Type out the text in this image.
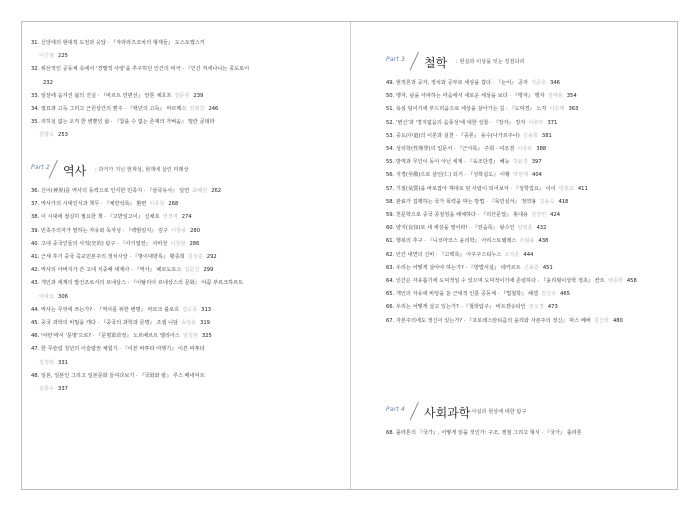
31. 신앙에의 현대적 도전과 응답 · 『자라라즈코차의 형제들』 도스토옙스키
이신철 225
32. 위선적인 공동체 속에서 '경멸적 사랑'을 추구하던 인간의 비극 · 『인간 저세나나는 종도로이
232
33. 일상에 숨겨진 삶의 진실 · 『바르트 만편선』 안톤 체호프 강문원 239
34. 절묘과 고독 그리고 근원상간의 맨주 · 『백년의 고독』 마르께스 김형찬 246
35. 리히실 없는 오직 한 변뿐인 삶 · 『참을 수 없는 존재의 가벼움』 밀란 쿤데라
김향숙 253
Part 2 역사 : 과거가 지닌 현재성, 현재에 살린 미래상
36. 신이(神異)를 역사의 동력으로 인식한 민족지 · 『삼국유사』 일연 최혜원 262
37. 역사가의 시대인식과 책무 · 『체반석록』 환련 이종원 268
38. 이 시대에 절실히 필요한 책 · 『고반일고이』 신채호 연정역 274
39. 민족주의자가 말하는 자유와 독자성 · 『백범일지』 김구 이창용 280
40. 고대 중국인들의 사적(史的) 탐구 · 『사기열전』 사마천 이창현 286
41. 근세 후기 중국 죽교민본주의 정치사상 · 『명이대방록』 황종희 김상준 292
42. 역사의 아버지가 쓴 고대 지중해 세계사 · 『역사』 헤로도토스 김문진 299
43. 개인과 세계의 밥건조로서의 르네상스 · 『이탈리아 르네상스의 문화』 야콥 부르크하르트
아파요 306
44. 역사는 무엇에 쓰는가? · 『역사를 위한 변명』 마르크 블로흐 김응종 313
45. 중국 과학의 비밀을 캐다 · 『중국의 과학과 문명』 조셉 니담 송상용 319
46. '야만'에서 '문명'으로? · 『문명화과정』 노르베르트 엘리아스 임석현 325
47. 한 무슬림 청년의 이슬람권 체험기 · 『이븐 바투타 여행기』 이븐 바투타
김정위 331
48. 일본, 일본인 그리고 일본문화 들여다보기 · 『국화와 칼』 루스 베네딕트
김통수 337
Part 3 철학 : 현실과 이상을 잇는 징검다리
49. 현적론과 공자, 정치와 공부로 세상을 잡다 · 『논어』 공자 지준호 346
50. 맹자, 남을 아파하는 마음에서 새로운 세상을 보다 · 『맹자』 맹자 김태용 354
51. 욕심 덤이기에 부드러움으로 세상을 살아가는 길 · 『도덕경』 노자 이준태 363
52. '변신'과 '경지없음의 음풍성'에 대한 성찰 · 『장자』 장자 이현주 371
53. 중도(中道)의 이론과 실천 · 『중론』 용수(나가르주나) 김용희 381
54. 성리학(性理學)의 입문서 · 『근사록』 주희 · 여조겸 이상로 388
55. 방역과 무인이 동이 아닌 세계 · 『육조단경』 혜능 강윤경 397
56. 지경(至敬)으로 살인(仁) 되기 · 『성학십도』 이황 박현재 404
57. 기질(氣質)을 바로잡아 제대로 된 사람이 되어보자 · 『성학집요』 이이 박현교 411
58. 관료가 집행하는 국가 폭력을 막는 방법 · 『목민심서』 정약용 김용숙 418
59. 천문학으로 중국 종질검을 해체하다 · 『의산문답』 홍대용 김강민 424
60. 양지(良知)로 새 세상을 열어라! · 『전습록』 왕수인 임영훈 432
61. 행복의 추구 · 『니코마코스 윤리학』 아리스토텔레스 조형용 438
62. 인간 내면의 신비 · 『고백록』 아우구스티누스 조석훈 444
63. 우리는 어떻게 살아야 하는가? · 『방법서설』 데카르트 신용준 451
64. 인간은 자유롭기에 도덕적일 수 있으며 도덕적이기에 존엄하다 · 『윤리형이상학 정초』 칸트 백종현 458
65. 개인의 자유에 바탕을 둔 근대적 인륜 공동체 · 『법철학』 헤겔 김선우 465
66. 우리는 어떻게 살고 있는가? · 『철학탐구』 비트겐슈타인 권오경 473
67. 자본주의에도 정신이 있는가? · 『프로테스탄티즘의 윤리와 자본주의 정신』 막스 베버 김신력 480
Part 4 사회과학
: 사실과 현상에 대한 탐구
68. 플라톤의 『국가』, 어떻게 읽을 것인가: 구조, 쟁점 그리고 형식 · 『국가』 플라톤
